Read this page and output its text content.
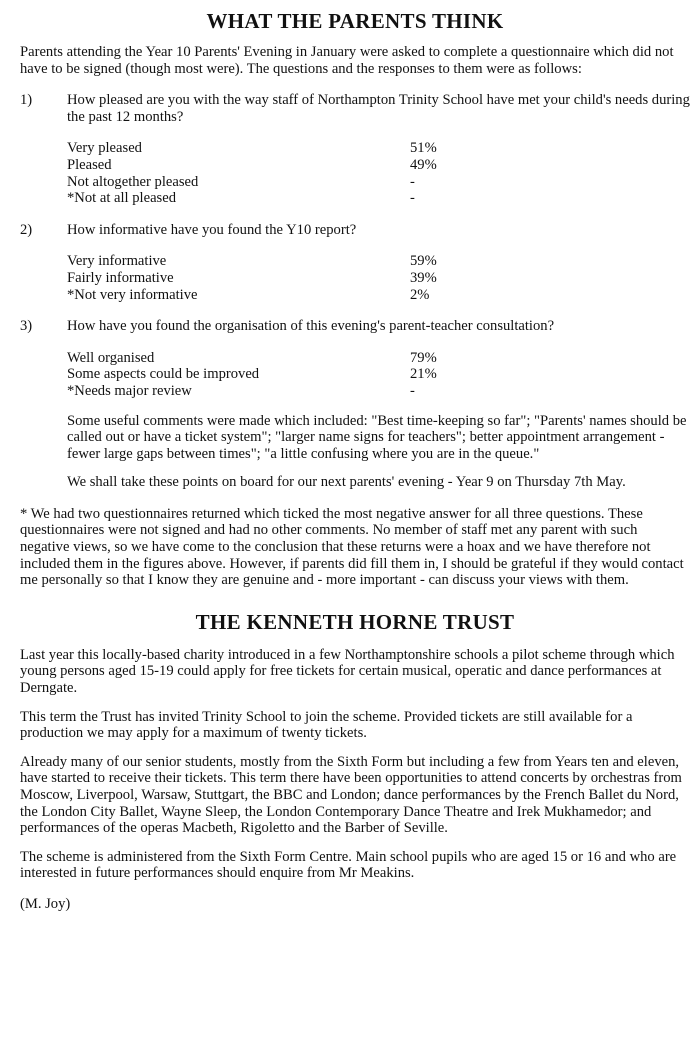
WHAT THE PARENTS THINK

Parents attending the Year 10 Parents' Evening in January were asked to complete a questionnaire which did not have to be signed (though most were). The questions and the responses to them were as follows:

1)	How pleased are you with the way staff of Northampton Trinity School have met your child's needs during the past 12 months?
Very pleased	51%
Pleased	49%
Not altogether pleased	-
*Not at all pleased	-
2)	How informative have you found the Y10 report?
Very informative	59%
Fairly informative	39%
*Not very informative	2%
3)	How have you found the organisation of this evening's parent-teacher consultation?
Well organised	79%
Some aspects could be improved	21%
*Needs major review	-

Some useful comments were made which included: "Best time-keeping so far"; "Parents' names should be called out or have a ticket system"; "larger name signs for teachers"; better appointment arrangement - fewer large gaps between times"; "a little confusing where you are in the queue."

We shall take these points on board for our next parents' evening - Year 9 on Thursday 7th May.

* We had two questionnaires returned which ticked the most negative answer for all three questions. These questionnaires were not signed and had no other comments. No member of staff met any parent with such negative views, so we have come to the conclusion that these returns were a hoax and we have therefore not included them in the figures above. However, if parents did fill them in, I should be grateful if they would contact me personally so that I know they are genuine and - more important - can discuss your views with them.

THE KENNETH HORNE TRUST

Last year this locally-based charity introduced in a few Northamptonshire schools a pilot scheme through which young persons aged 15-19 could apply for free tickets for certain musical, operatic and dance performances at Derngate.

This term the Trust has invited Trinity School to join the scheme. Provided tickets are still available for a production we may apply for a maximum of twenty tickets.

Already many of our senior students, mostly from the Sixth Form but including a few from Years ten and eleven, have started to receive their tickets. This term there have been opportunities to attend concerts by orchestras from Moscow, Liverpool, Warsaw, Stuttgart, the BBC and London; dance performances by the French Ballet du Nord, the London City Ballet, Wayne Sleep, the London Contemporary Dance Theatre and Irek Mukhamedor; and performances of the operas Macbeth, Rigoletto and the Barber of Seville.

The scheme is administered from the Sixth Form Centre. Main school pupils who are aged 15 or 16 and who are interested in future performances should enquire from Mr Meakins.

(M. Joy)
